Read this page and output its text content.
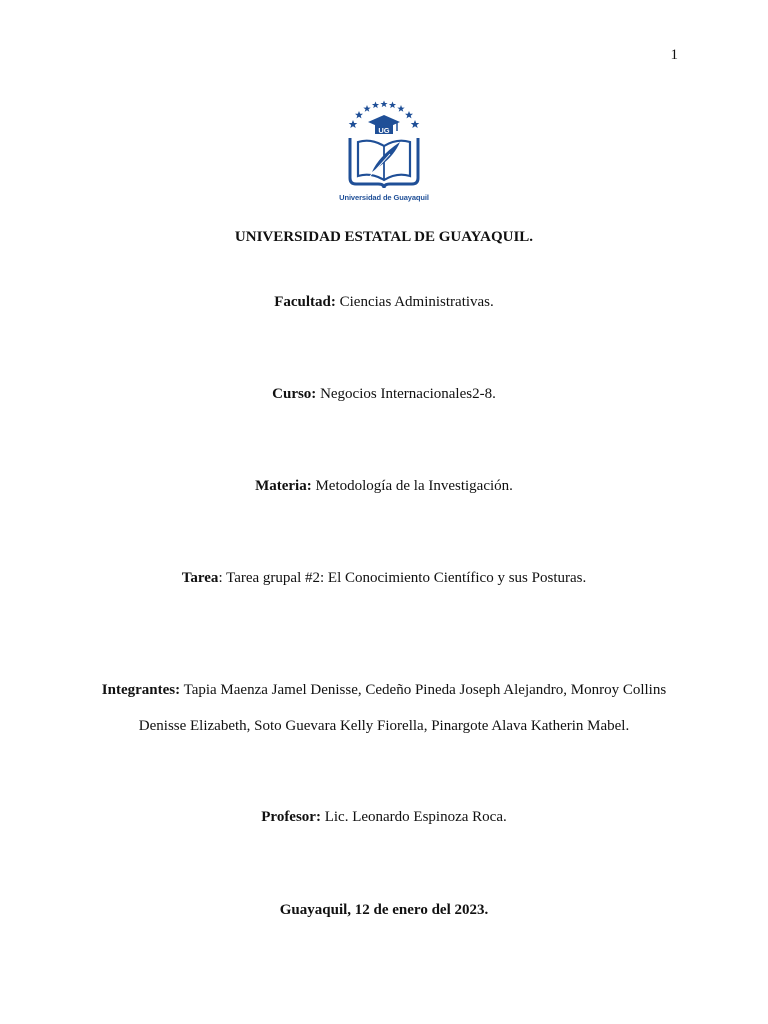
1
UG
Universidad de Guayaquil
UNIVERSIDAD ESTATAL DE GUAYAQUIL.
Facultad: Ciencias Administrativas.
Curso: Negocios Internacionales2-8.
Materia: Metodología de la Investigación.
Tarea: Tarea grupal #2: El Conocimiento Científico y sus Posturas.
Integrantes: Tapia Maenza Jamel Denisse, Cedeño Pineda Joseph Alejandro, Monroy Collins
Denisse Elizabeth, Soto Guevara Kelly Fiorella, Pinargote Alava Katherin Mabel.
Profesor: Lic. Leonardo Espinoza Roca.
Guayaquil, 12 de enero del 2023.
